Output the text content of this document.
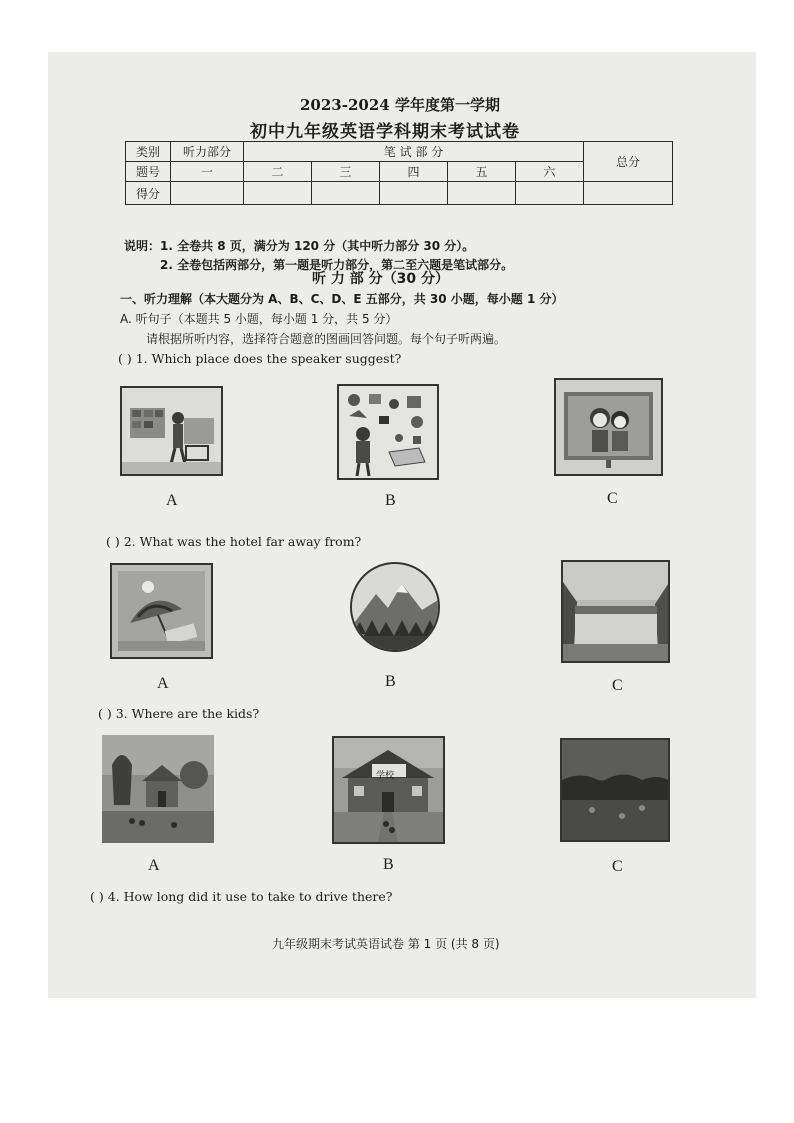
2023-2024 学年度第一学期
初中九年级英语学科期末考试试卷
类别	听力部分	笔 试 部 分					总分
题号	一	二	三	四	五	六	
得分							
说明：1. 全卷共 8 页，满分为 120 分（其中听力部分 30 分）。
2. 全卷包括两部分，第一题是听力部分，第二至六题是笔试部分。
听 力 部 分（30 分）
一、听力理解（本大题分为 A、B、C、D、E 五部分，共 30 小题，每小题 1 分）
A. 听句子（本题共 5 小题，每小题 1 分，共 5 分）
请根据所听内容，选择符合题意的图画回答问题。每个句子听两遍。
( ) 1. Which place does the speaker suggest?
A	B	C
( ) 2. What was the hotel far away from?
A	B	C
( ) 3. Where are the kids?
A
学校
B	C
( ) 4. How long did it use to take to drive there?
九年级期末考试英语试卷 第 1 页 (共 8 页)
